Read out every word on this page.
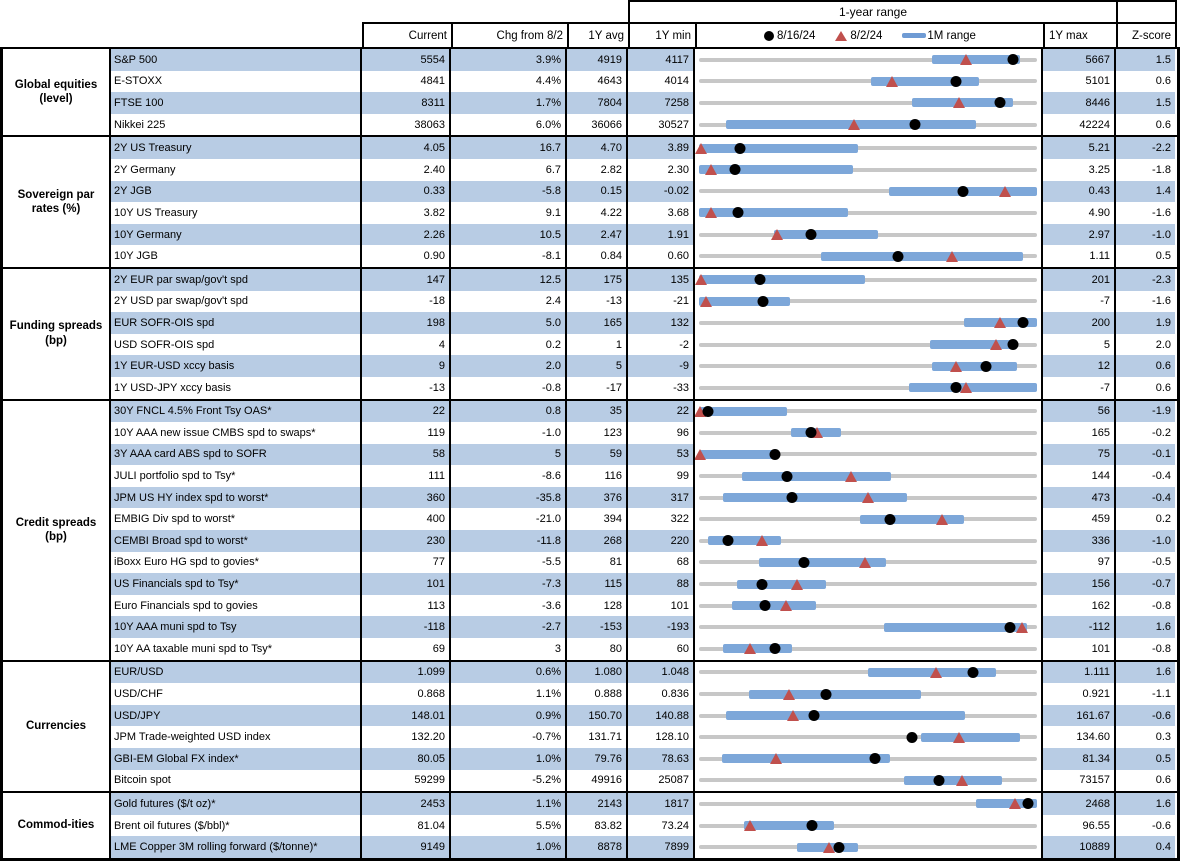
1-year range
Current	Chg from 8/2	1Y avg	1Y min	8/16/24	8/2/24	1M range	1Y max	Z-score
Global equities (level)
S&P 500	5554	3.9%	4919	4117	5667	1.5
E-STOXX	4841	4.4%	4643	4014	5101	0.6
FTSE 100	8311	1.7%	7804	7258	8446	1.5
Nikkei 225	38063	6.0%	36066	30527	42224	0.6
Sovereign par rates (%)
2Y US Treasury	4.05	16.7	4.70	3.89	5.21	-2.2
2Y Germany	2.40	6.7	2.82	2.30	3.25	-1.8
2Y JGB	0.33	-5.8	0.15	-0.02	0.43	1.4
10Y US Treasury	3.82	9.1	4.22	3.68	4.90	-1.6
10Y Germany	2.26	10.5	2.47	1.91	2.97	-1.0
10Y JGB	0.90	-8.1	0.84	0.60	1.11	0.5
Funding spreads (bp)
2Y EUR par swap/gov't spd	147	12.5	175	135	201	-2.3
2Y USD par swap/gov't spd	-18	2.4	-13	-21	-7	-1.6
EUR SOFR-OIS spd	198	5.0	165	132	200	1.9
USD SOFR-OIS spd	4	0.2	1	-2	5	2.0
1Y EUR-USD xccy basis	9	2.0	5	-9	12	0.6
1Y USD-JPY xccy basis	-13	-0.8	-17	-33	-7	0.6
Credit spreads (bp)
30Y FNCL 4.5% Front Tsy OAS*	22	0.8	35	22	56	-1.9
10Y AAA new issue CMBS spd to swaps*	119	-1.0	123	96	165	-0.2
3Y AAA card ABS spd to SOFR	58	5	59	53	75	-0.1
JULI portfolio spd to Tsy*	111	-8.6	116	99	144	-0.4
JPM US HY index spd to worst*	360	-35.8	376	317	473	-0.4
EMBIG Div spd to worst*	400	-21.0	394	322	459	0.2
CEMBI Broad spd to worst*	230	-11.8	268	220	336	-1.0
iBoxx Euro HG spd to govies*	77	-5.5	81	68	97	-0.5
US Financials spd to Tsy*	101	-7.3	115	88	156	-0.7
Euro Financials spd to govies	113	-3.6	128	101	162	-0.8
10Y AAA muni spd to Tsy	-118	-2.7	-153	-193	-112	1.6
10Y AA taxable muni spd to Tsy*	69	3	80	60	101	-0.8
Currencies
EUR/USD	1.099	0.6%	1.080	1.048	1.111	1.6
USD/CHF	0.868	1.1%	0.888	0.836	0.921	-1.1
USD/JPY	148.01	0.9%	150.70	140.88	161.67	-0.6
JPM Trade-weighted USD index	132.20	-0.7%	131.71	128.10	134.60	0.3
GBI-EM Global FX index*	80.05	1.0%	79.76	78.63	81.34	0.5
Bitcoin spot	59299	-5.2%	49916	25087	73157	0.6
Commod-ities
Gold futures ($/t oz)*	2453	1.1%	2143	1817	2468	1.6
Brent oil futures ($/bbl)*	81.04	5.5%	83.82	73.24	96.55	-0.6
LME Copper 3M rolling forward ($/tonne)*	9149	1.0%	8878	7899	10889	0.4
